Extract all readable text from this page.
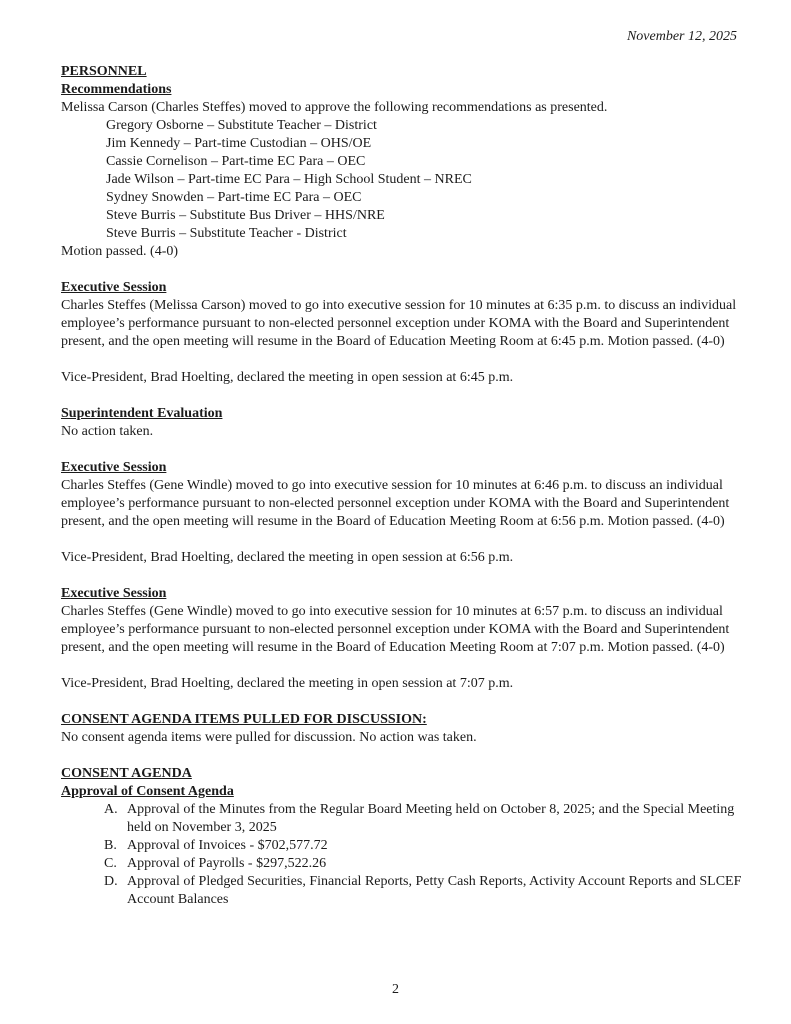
November 12, 2025
PERSONNEL
Recommendations

Melissa Carson (Charles Steffes) moved to approve the following recommendations as presented.

Gregory Osborne – Substitute Teacher – District
Jim Kennedy – Part-time Custodian – OHS/OE
Cassie Cornelison – Part-time EC Para – OEC
Jade Wilson – Part-time EC Para – High School Student – NREC
Sydney Snowden – Part-time EC Para – OEC
Steve Burris – Substitute Bus Driver – HHS/NRE
Steve Burris – Substitute Teacher - District

Motion passed. (4-0)

Executive Session

Charles Steffes (Melissa Carson) moved to go into executive session for 10 minutes at 6:35 p.m. to discuss an individual employee’s performance pursuant to non-elected personnel exception under KOMA with the Board and Superintendent present, and the open meeting will resume in the Board of Education Meeting Room at 6:45 p.m. Motion passed. (4-0)

Vice-President, Brad Hoelting, declared the meeting in open session at 6:45 p.m.

Superintendent Evaluation

No action taken.

Executive Session

Charles Steffes (Gene Windle) moved to go into executive session for 10 minutes at 6:46 p.m. to discuss an individual employee’s performance pursuant to non-elected personnel exception under KOMA with the Board and Superintendent present, and the open meeting will resume in the Board of Education Meeting Room at 6:56 p.m. Motion passed. (4-0)

Vice-President, Brad Hoelting, declared the meeting in open session at 6:56 p.m.

Executive Session

Charles Steffes (Gene Windle) moved to go into executive session for 10 minutes at 6:57 p.m. to discuss an individual employee’s performance pursuant to non-elected personnel exception under KOMA with the Board and Superintendent present, and the open meeting will resume in the Board of Education Meeting Room at 7:07 p.m. Motion passed. (4-0)

Vice-President, Brad Hoelting, declared the meeting in open session at 7:07 p.m.

CONSENT AGENDA ITEMS PULLED FOR DISCUSSION:

No consent agenda items were pulled for discussion. No action was taken.

CONSENT AGENDA
Approval of Consent Agenda
A. Approval of the Minutes from the Regular Board Meeting held on October 8, 2025; and the Special Meeting held on November 3, 2025
B. Approval of Invoices - $702,577.72
C. Approval of Payrolls - $297,522.26
D. Approval of Pledged Securities, Financial Reports, Petty Cash Reports, Activity Account Reports and SLCEF Account Balances
2
